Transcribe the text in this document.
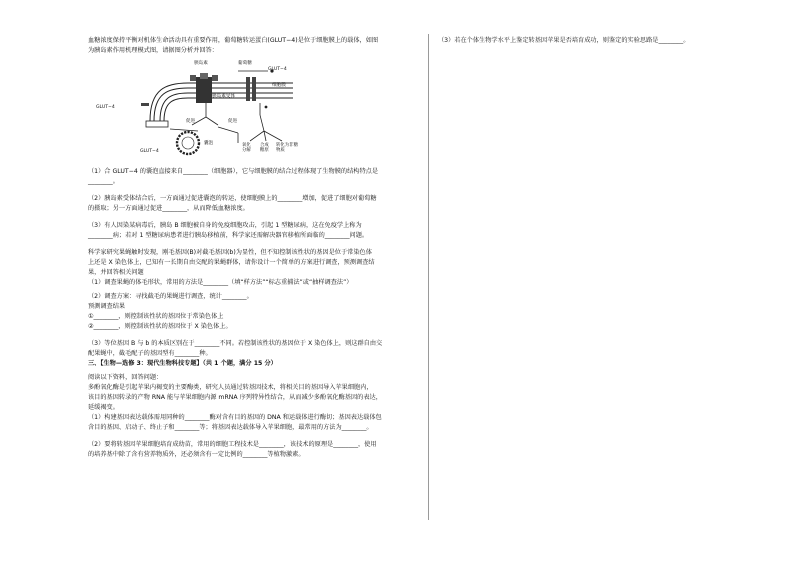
血糖浓度保持平衡对机体生命活动具有重要作用，葡萄糖转运蛋白(GLUT−4)是位于细胞膜上的载体，如图

为胰岛素作用机理模式图，请据图分析并回答：

胰岛素	葡萄糖
GLUT−4
细胞膜
胰岛素受体
促进	促进
GLUT−4
GLUT−4
囊泡	氧化分解
合成糖原
转化为非糖物质

（1）合 GLUT−4 的囊泡直接来自________（细胞器），它与细胞膜的结合过程体现了生物膜的结构特点是

________。

（2）胰岛素受体结合后，一方面通过促进囊泡的转运，使细胞膜上的________增加，促进了细胞对葡萄糖

的摄取；另一方面通过促进________，从而降低血糖浓度。

（3）有人因染某病毒后，胰岛 B 细胞被自身的免疫细胞攻击，引起 1 型糖尿病，这在免疫学上称为

________病；若对 1 型糖尿病患者进行胰岛移植前，科学家还需解决器官移植所面临的________问题。

科学家研究果蝇触时发现，刚毛基因(B)对截毛基因(b)为显性，但不知控制该性状的基因是位于常染色体

上还是 X 染色体上，已知有一长期自由交配的果蝇群体，请你设计一个简单的方案进行调查，预测调查结

果，并回答相关问题

（1）调查果蝇的体毛形状，常用的方法是________（填“样方法”“标志重捕法”或“抽样调查法”）

（2）调查方案：寻找截毛的果蝇进行调查，统计________。

预测调查结果

①________，则控制该性状的基因位于常染色体上

②________，则控制该性状的基因位于 X 染色体上。

（3）等位基因 B 与 b 的本质区别在于________不同。若控制该性状的基因位于 X 染色体上，则这群自由交

配果蝇中，截毛配子的基因型有________种。

三、【生物—选修 3：现代生物科技专题】（共 1 个题，满分 15 分）

阅读以下资料，回答问题：

多酚氧化酶是引起苹果内褐变的主要酶类，研究人员通过转基因技术，将相关目的基因导入苹果细胞内，

该目的基因转录的产物 RNA 能与苹果细胞内源 mRNA 序列特异性结合，从而减少多酚氧化酶基因的表达，

延缓褐变。

（1）构建基因表达载体需用同种的________酶对含有目的基因的 DNA 和运载体进行酶切；基因表达载体包

含目的基因、启动子、终止子和________等；将基因表达载体导入苹果细胞，最常用的方法为________。

（2）要将转基因苹果细胞培育成幼苗，常用的细胞工程技术是________，该技术的原理是________，使用

的培养基中除了含有营养物质外，还必须含有一定比例的________等植物激素。

（3）若在个体生物学水平上鉴定转基因苹果是否培育成功，则鉴定的实验思路是________。
